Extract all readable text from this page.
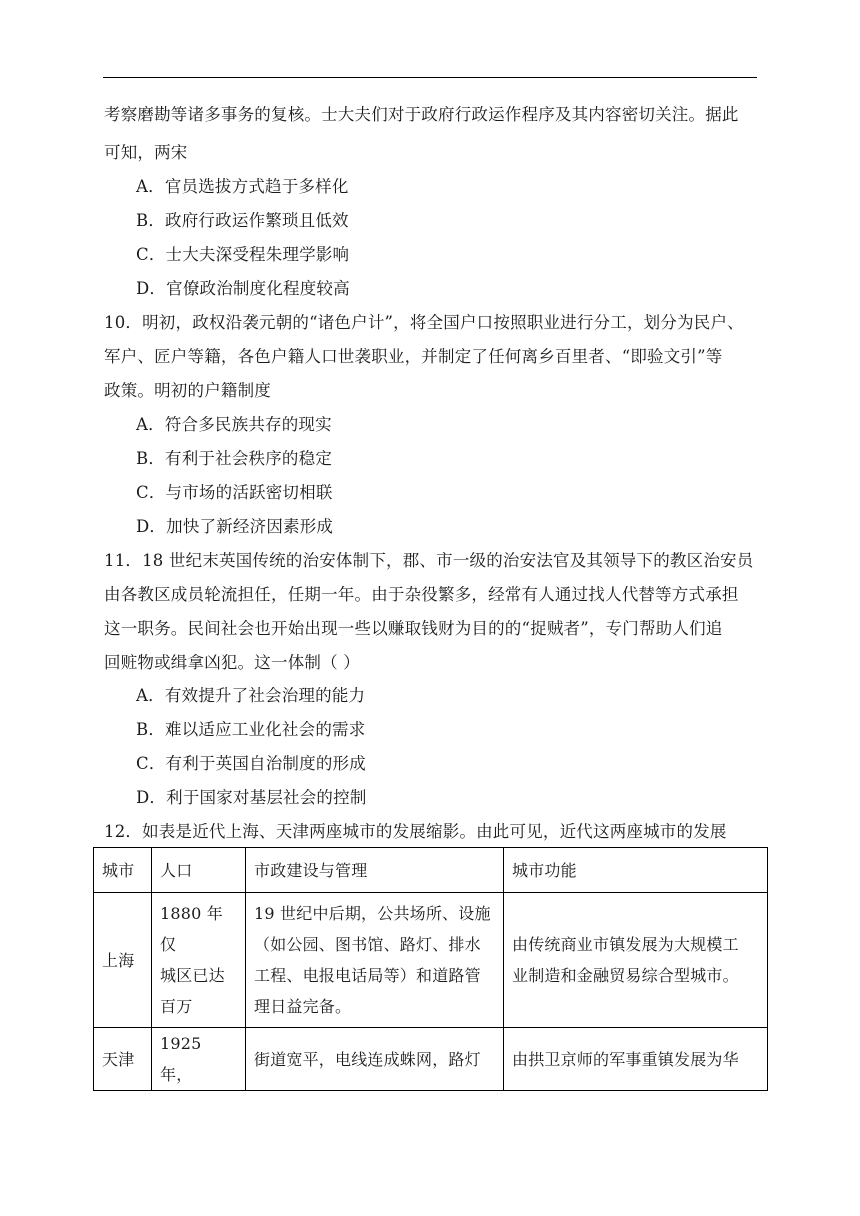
考察磨勘等诸多事务的复核。士大夫们对于政府行政运作程序及其内容密切关注。据此
可知，两宋
A．官员选拔方式趋于多样化
B．政府行政运作繁琐且低效
C．士大夫深受程朱理学影响
D．官僚政治制度化程度较高
10．明初，政权沿袭元朝的“诸色户计”，将全国户口按照职业进行分工，划分为民户、
军户、匠户等籍，各色户籍人口世袭职业，并制定了任何离乡百里者、“即验文引”等
政策。明初的户籍制度
A．符合多民族共存的现实
B．有利于社会秩序的稳定
C．与市场的活跃密切相联
D．加快了新经济因素形成
11．18 世纪末英国传统的治安体制下，郡、市一级的治安法官及其领导下的教区治安员
由各教区成员轮流担任，任期一年。由于杂役繁多，经常有人通过找人代替等方式承担
这一职务。民间社会也开始出现一些以赚取钱财为目的的“捉贼者”，专门帮助人们追
回赃物或缉拿凶犯。这一体制（ ）
A．有效提升了社会治理的能力
B．难以适应工业化社会的需求
C．有利于英国自治制度的形成
D．利于国家对基层社会的控制
12．如表是近代上海、天津两座城市的发展缩影。由此可见，近代这两座城市的发展
城市	人口	市政建设与管理	城市功能
上海	1880 年仅
城区已达
百万	19 世纪中后期，公共场所、设施
（如公园、图书馆、路灯、排水
工程、电报电话局等）和道路管
理日益完备。	由传统商业市镇发展为大规模工
业制造和金融贸易综合型城市。

天津	1925 年，	街道宽平，电线连成蛛网，路灯	由拱卫京师的军事重镇发展为华
